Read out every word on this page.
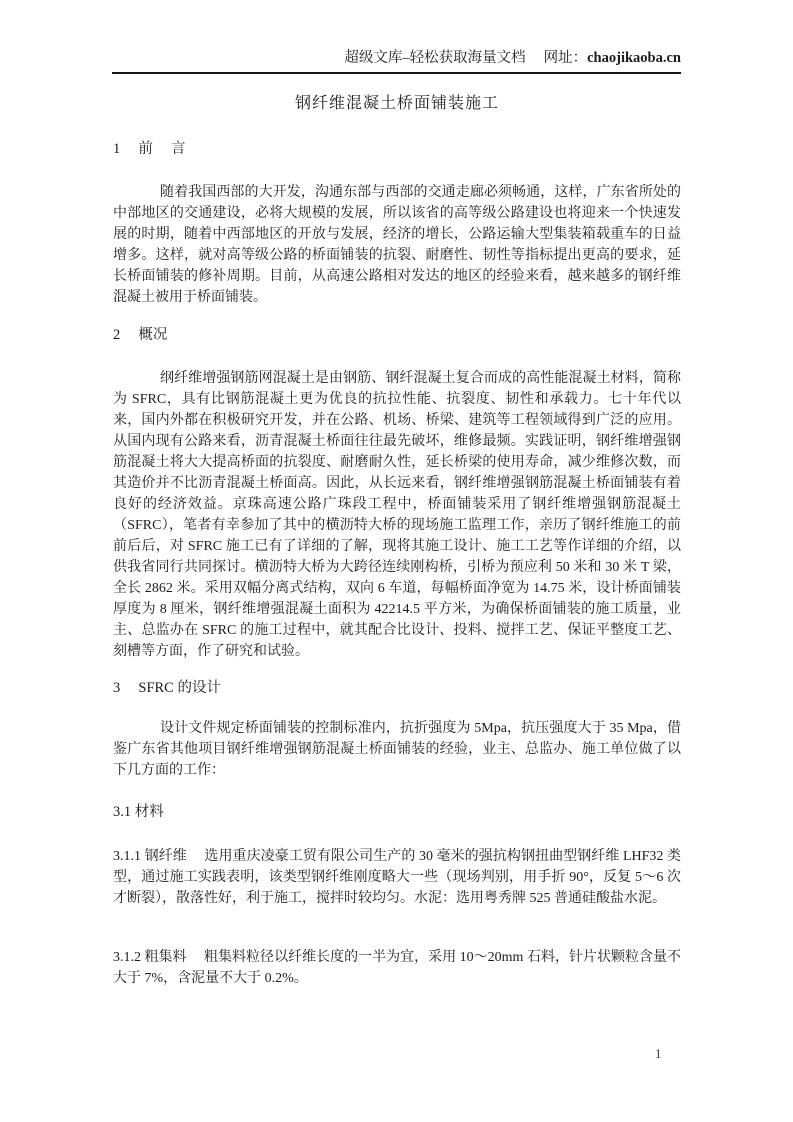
超级文库–轻松获取海量文档 网址：chaojikaoba.cn
钢纤维混凝土桥面铺装施工
1　 前　 言

随着我国西部的大开发，沟通东部与西部的交通走廊必须畅通，这样，广东省所处的中部地区的交通建设，必将大规模的发展，所以该省的高等级公路建设也将迎来一个快速发展的时期，随着中西部地区的开放与发展，经济的增长，公路运输大型集装箱载重车的日益增多。这样，就对高等级公路的桥面铺装的抗裂、耐磨性、韧性等指标提出更高的要求，延长桥面铺装的修补周期。目前，从高速公路相对发达的地区的经验来看，越来越多的钢纤维混凝土被用于桥面铺装。

2　 概况

纲纤维增强钢筋网混凝土是由钢筋、钢纤混凝土复合而成的高性能混凝土材料，简称为 SFRC，具有比钢筋混凝土更为优良的抗拉性能、抗裂度、韧性和承载力。七十年代以来，国内外都在积极研究开发，并在公路、机场、桥梁、建筑等工程领域得到广泛的应用。从国内现有公路来看，沥青混凝土桥面往往最先破坏，维修最频。实践证明，钢纤维增强钢筋混凝土将大大提高桥面的抗裂度、耐磨耐久性，延长桥梁的使用寿命，减少维修次数，而其造价并不比沥青混凝土桥面高。因此，从长远来看，钢纤维增强钢筋混凝土桥面铺装有着良好的经济效益。京珠高速公路广珠段工程中，桥面铺装采用了钢纤维增强钢筋混凝土（SFRC），笔者有幸参加了其中的横沥特大桥的现场施工监理工作，亲历了钢纤维施工的前前后后，对 SFRC 施工已有了详细的了解，现将其施工设计、施工工艺等作详细的介绍，以供我省同行共同探讨。横沥特大桥为大跨径连续刚构桥，引桥为预应利 50 米和 30 米 T 梁，全长 2862 米。采用双幅分离式结构，双向 6 车道，每幅桥面净宽为 14.75 米，设计桥面铺装厚度为 8 厘米，钢纤维增强混凝土面积为 42214.5 平方米，为确保桥面铺装的施工质量，业主、总监办在 SFRC 的施工过程中，就其配合比设计、投料、搅拌工艺、保证平整度工艺、刻槽等方面，作了研究和试验。

3　 SFRC 的设计

设计文件规定桥面铺装的控制标准内，抗折强度为 5Mpa，抗压强度大于 35 Mpa，借鉴广东省其他项目钢纤维增强钢筋混凝土桥面铺装的经验，业主、总监办、施工单位做了以下几方面的工作：

3.1 材料

3.1.1 钢纤维　 选用重庆凌豪工贸有限公司生产的 30 毫米的强抗构钢扭曲型钢纤维 LHF32 类型，通过施工实践表明，该类型钢纤维刚度略大一些（现场判别，用手折 90°，反复 5～6 次才断裂），散落性好，利于施工，搅拌时较均匀。水泥：选用粤秀牌 525 普通硅酸盐水泥。

3.1.2 粗集料　 粗集料粒径以纤维长度的一半为宜，采用 10～20mm 石料，针片状颗粒含量不大于 7%，含泥量不大于 0.2%。

1
